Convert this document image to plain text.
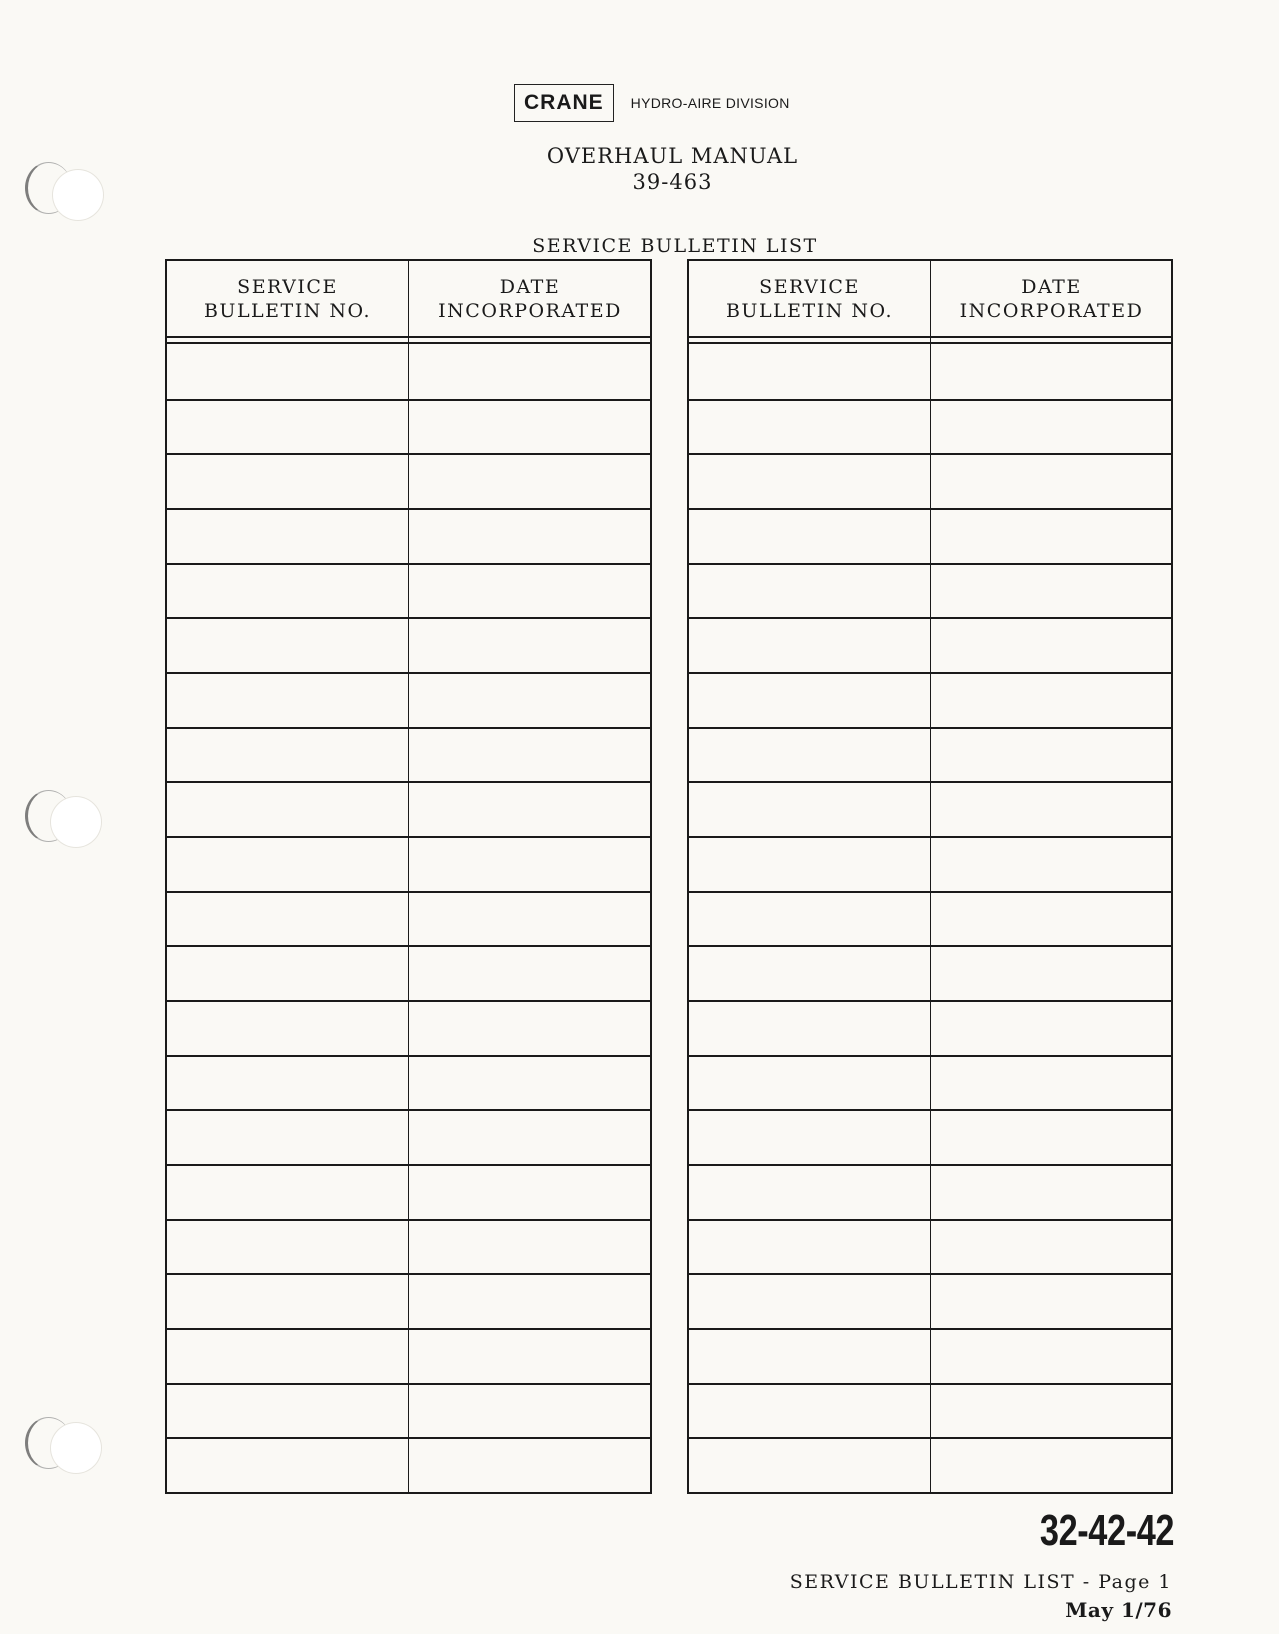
CRANE	HYDRO-AIRE DIVISION
OVERHAUL MANUAL
39-463
SERVICE BULLETIN LIST
SERVICE
BULLETIN NO.
DATE
INCORPORATED
SERVICE
BULLETIN NO.
DATE
INCORPORATED
32-42-42
SERVICE BULLETIN LIST - Page 1
May 1/76
